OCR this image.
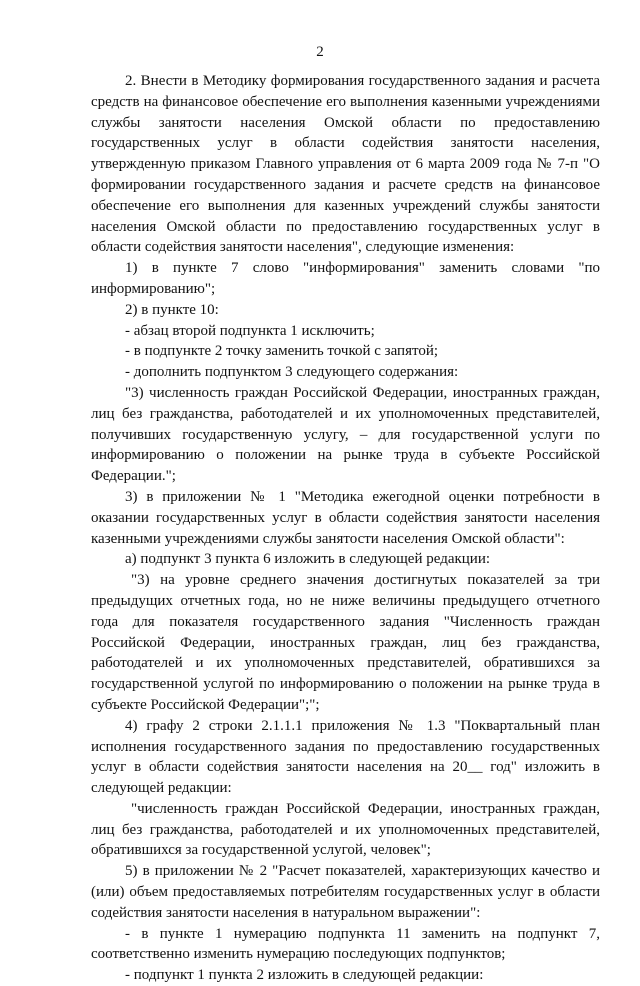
2

2. Внести в Методику формирования государственного задания и расчета средств на финансовое обеспечение его выполнения казенными учреждениями службы занятости населения Омской области по предоставлению государственных услуг в области содействия занятости населения, утвержденную приказом Главного управления от 6 марта 2009 года № 7-п "О формировании государственного задания и расчете средств на финансовое обеспечение его выполнения для казенных учреждений службы занятости населения Омской области по предоставлению государственных услуг в области содействия занятости населения", следующие изменения:

1) в пункте 7 слово "информирования" заменить словами "по информированию";

2) в пункте 10:

- абзац второй подпункта 1 исключить;

- в подпункте 2 точку заменить точкой с запятой;

- дополнить подпунктом 3 следующего содержания:

"3) численность граждан Российской Федерации, иностранных граждан, лиц без гражданства, работодателей и их уполномоченных представителей, получивших государственную услугу, – для государственной услуги по информированию о положении на рынке труда в субъекте Российской Федерации.";

3) в приложении № 1 "Методика ежегодной оценки потребности в оказании государственных услуг в области содействия занятости населения казенными учреждениями службы занятости населения Омской области":

а) подпункт 3 пункта 6 изложить в следующей редакции:

"3) на уровне среднего значения достигнутых показателей за три предыдущих отчетных года, но не ниже величины предыдущего отчетного года для показателя государственного задания "Численность граждан Российской Федерации, иностранных граждан, лиц без гражданства, работодателей и их уполномоченных представителей, обратившихся за государственной услугой по информированию о положении на рынке труда в субъекте Российской Федерации";";

4) графу 2 строки 2.1.1.1 приложения № 1.3 "Поквартальный план исполнения государственного задания по предоставлению государственных услуг в области содействия занятости населения на 20__ год" изложить в следующей редакции:

"численность граждан Российской Федерации, иностранных граждан, лиц без гражданства, работодателей и их уполномоченных представителей, обратившихся за государственной услугой, человек";

5) в приложении № 2 "Расчет показателей, характеризующих качество и (или) объем предоставляемых потребителям государственных услуг в области содействия занятости населения в натуральном выражении":

- в пункте 1 нумерацию подпункта 11 заменить на подпункт 7, соответственно изменить нумерацию последующих подпунктов;

- подпункт 1 пункта 2 изложить в следующей редакции:
